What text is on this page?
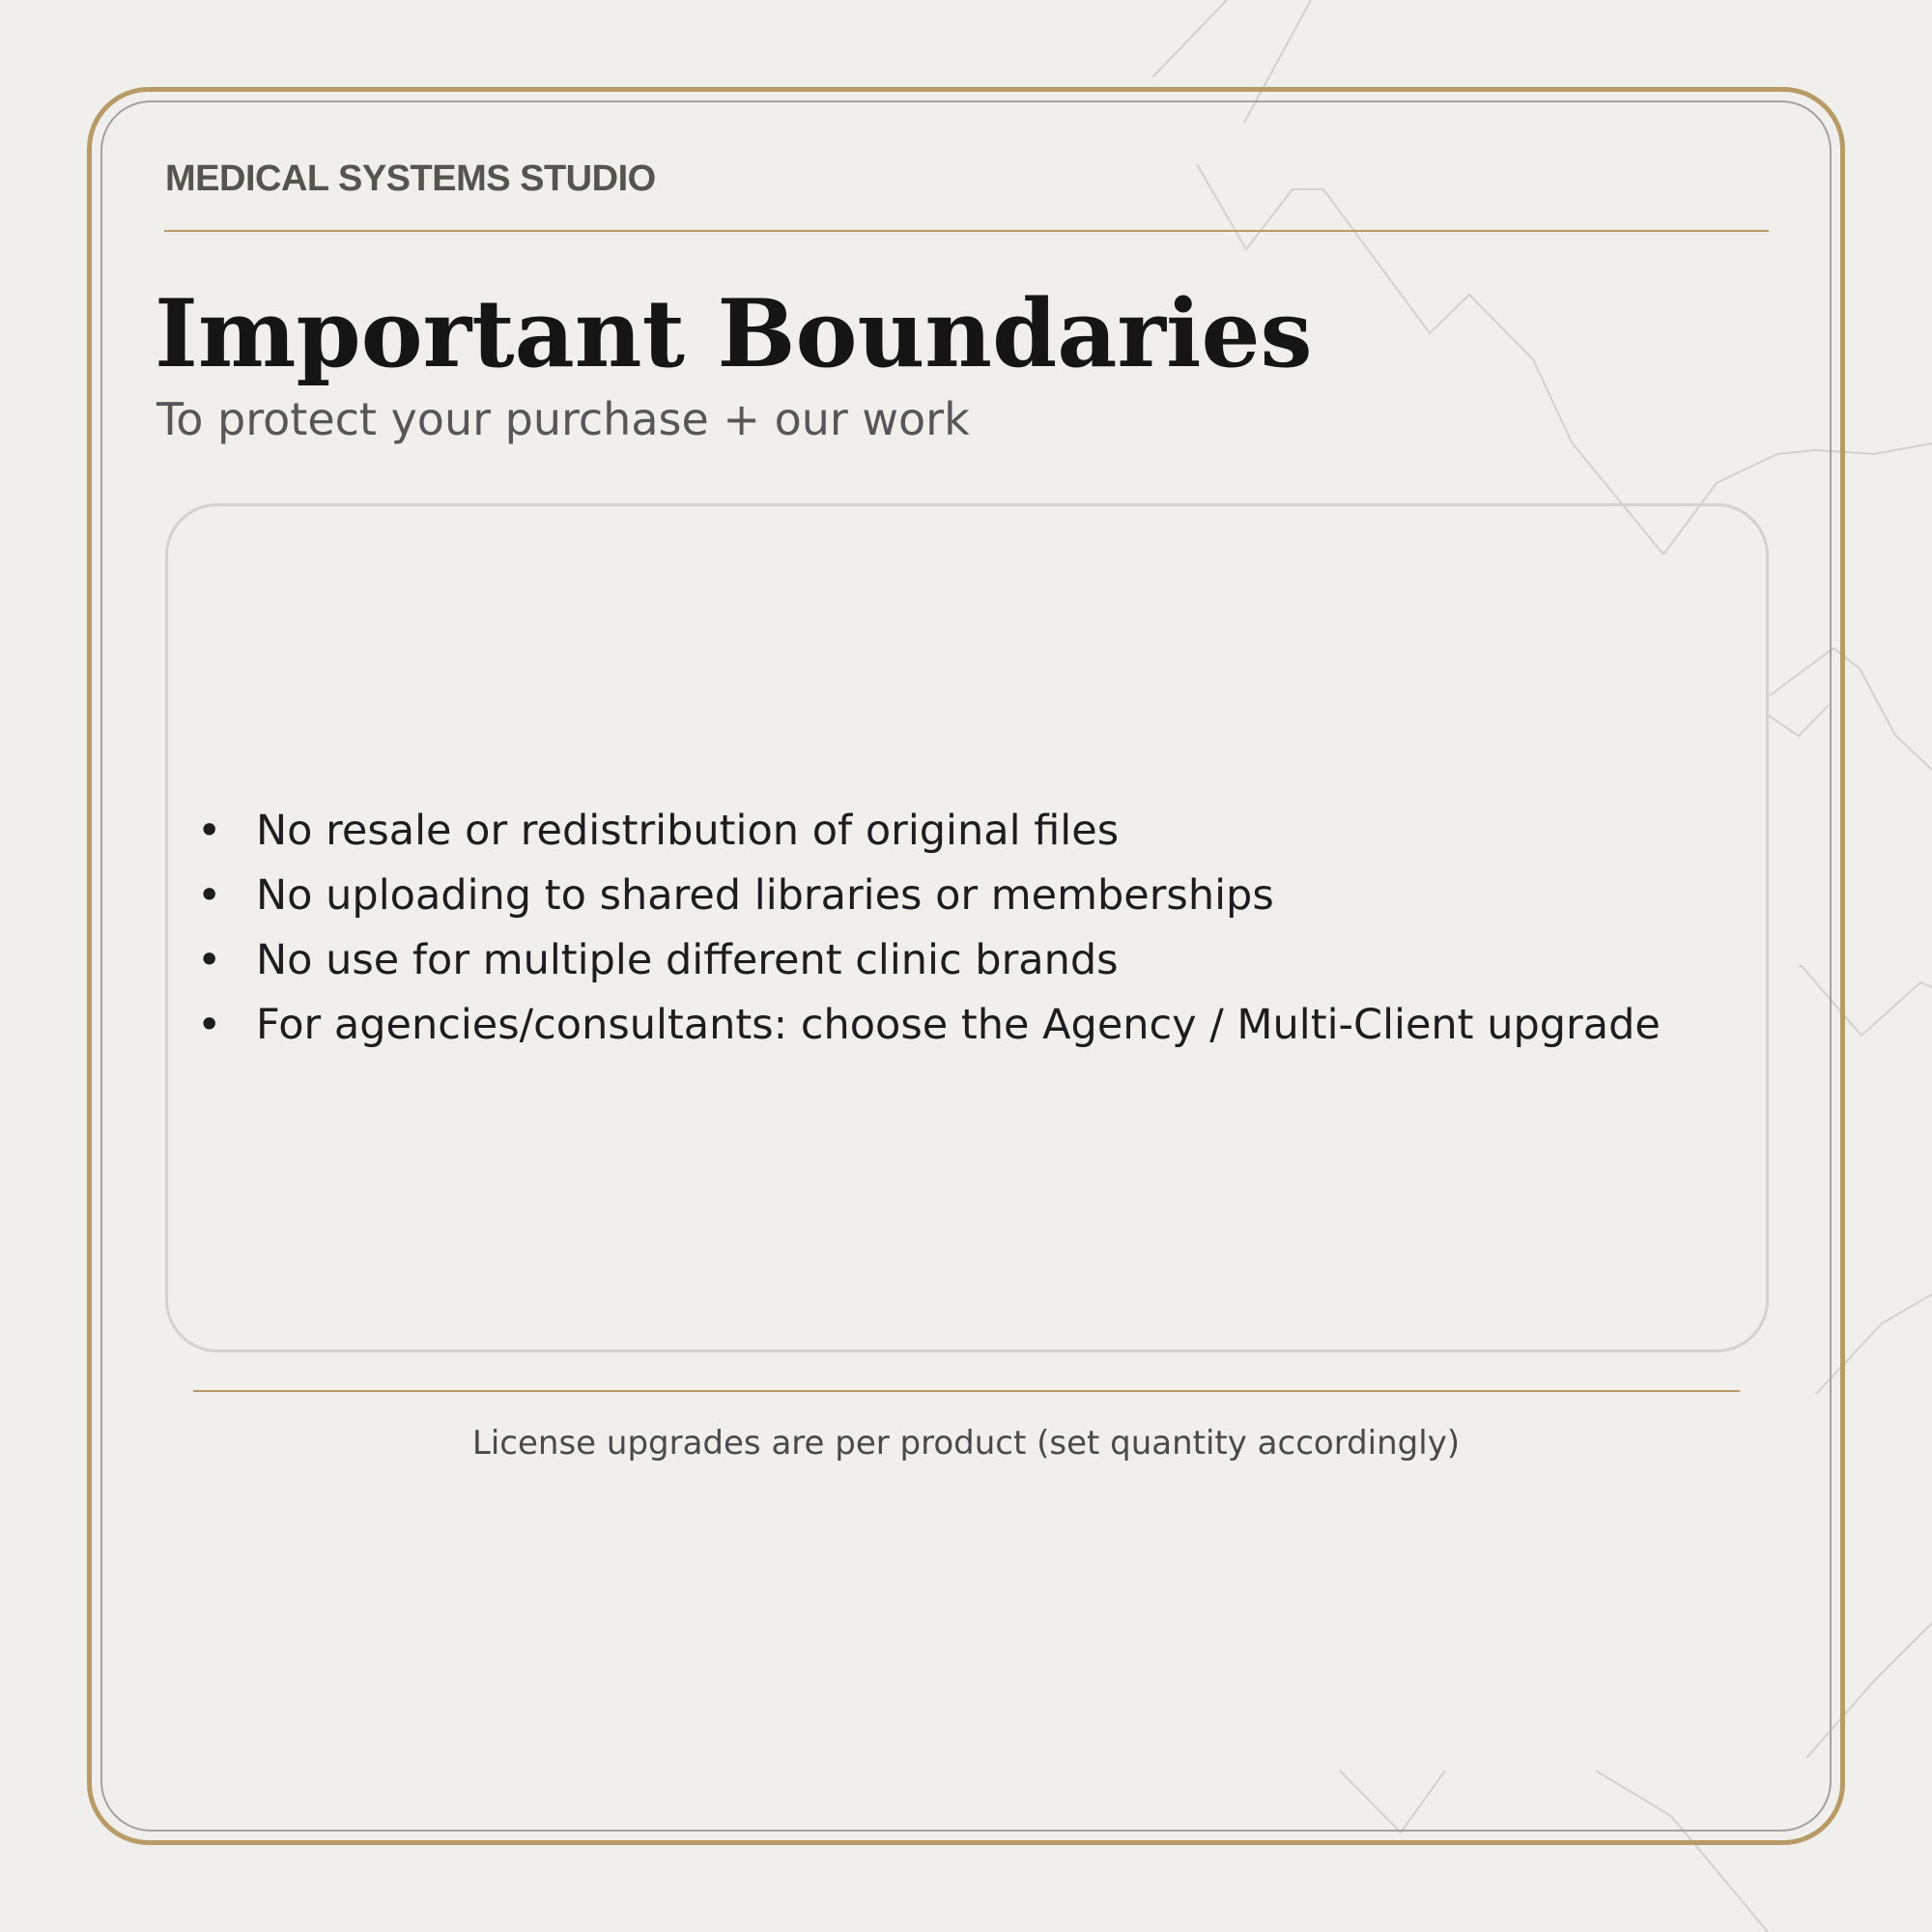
MEDICAL SYSTEMS STUDIO
Important Boundaries
To protect your purchase + our work
• No resale or redistribution of original files
• No uploading to shared libraries or memberships
• No use for multiple different clinic brands
• For agencies/consultants: choose the Agency / Multi-Client upgrade
License upgrades are per product (set quantity accordingly)
